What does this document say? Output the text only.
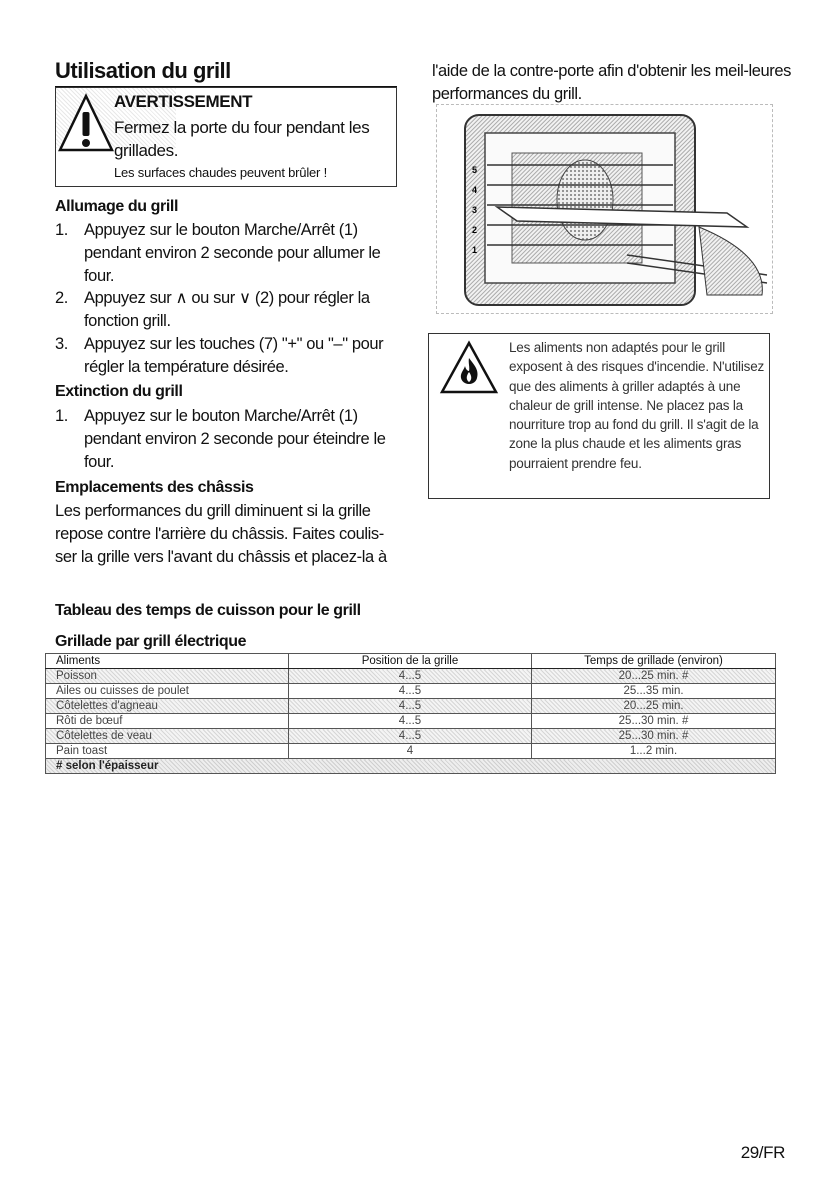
Utilisation du grill
AVERTISSEMENT
Fermez la porte du four pendant les grillades.
Les surfaces chaudes peuvent brûler !
Allumage du grill
1. Appuyez sur le bouton Marche/Arrêt (1) pendant environ 2 seconde pour allumer le four.
2. Appuyez sur ∧ ou sur ∨ (2) pour régler la fonction grill.
3. Appuyez sur les touches (7) "+" ou "–" pour régler la température désirée.
Extinction du grill
1. Appuyez sur le bouton Marche/Arrêt (1) pendant environ 2 seconde pour éteindre le four.
Emplacements des châssis
Les performances du grill diminuent si la grille repose contre l'arrière du châssis. Faites coulis-ser la grille vers l'avant du châssis et placez-la à
l'aide de la contre-porte afin d'obtenir les meil-leures performances du grill.
5
4
3
2
1
Les aliments non adaptés pour le grill exposent à des risques d'incendie. N'utilisez que des aliments à griller adaptés à une chaleur de grill intense. Ne placez pas la nourriture trop au fond du grill. Il s'agit de la zone la plus chaude et les aliments gras pourraient prendre feu.
Tableau des temps de cuisson pour le grill
Grillade par grill électrique
Aliments	Position de la grille	Temps de grillade (environ)
Poisson	4...5	20...25 min. #
Ailes ou cuisses de poulet	4...5	25...35 min.
Côtelettes d'agneau	4...5	20...25 min.
Rôti de bœuf	4...5	25...30 min. #
Côtelettes de veau	4...5	25...30 min. #
Pain toast	4	1...2 min.
# selon l'épaisseur		
29/FR
